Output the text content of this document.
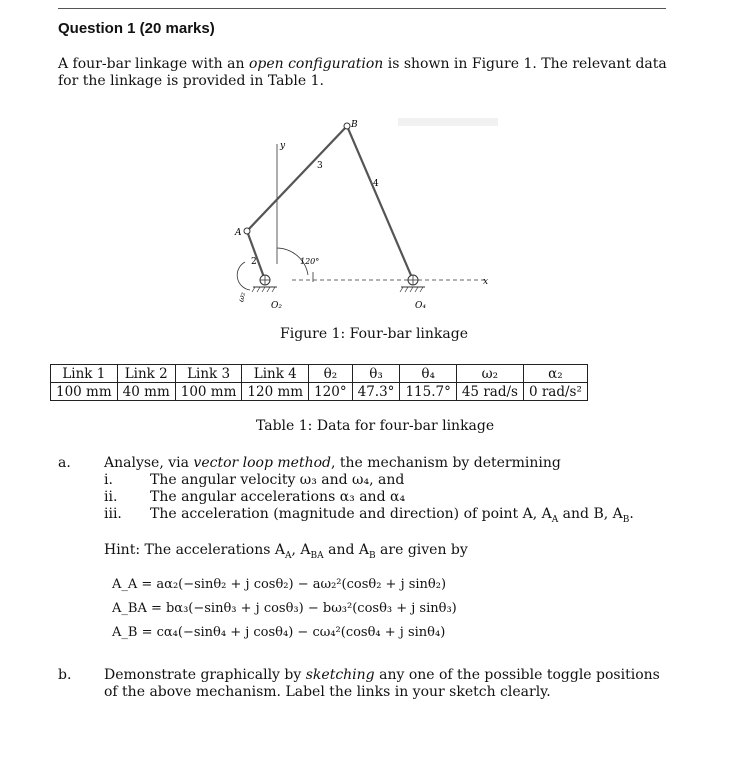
Question 1 (20 marks)
A four-bar linkage with an open configuration is shown in Figure 1. The relevant data for the linkage is provided in Table 1.
y
x
120°
ω₂
B
A
2
3
4
O₂	O₄
Figure 1: Four-bar linkage
Link 1	Link 2	Link 3	Link 4	θ₂	θ₃	θ₄	ω₂	α₂
100 mm	40 mm	100 mm	120 mm	120°	47.3°	115.7°	45 rad/s	0 rad/s²
Table 1: Data for four-bar linkage
a. Analyse, via vector loop method, the mechanism by determining
i.	The angular velocity ω₃ and ω₄, and
ii. The angular accelerations α₃ and α₄
iii. The acceleration (magnitude and direction) of point A, $A_A$ and B, $A_B$.
Hint: The accelerations $A_A$, $A_{BA}$ and $A_B$ are given by
A_A = aα₂(−sinθ₂ + j cosθ₂) − aω₂²(cosθ₂ + j sinθ₂)
A_BA = bα₃(−sinθ₃ + j cosθ₃) − bω₃²(cosθ₃ + j sinθ₃)
A_B = cα₄(−sinθ₄ + j cosθ₄) − cω₄²(cosθ₄ + j sinθ₄)
b. Demonstrate graphically by sketching any one of the possible toggle positions of the above mechanism. Label the links in your sketch clearly.
